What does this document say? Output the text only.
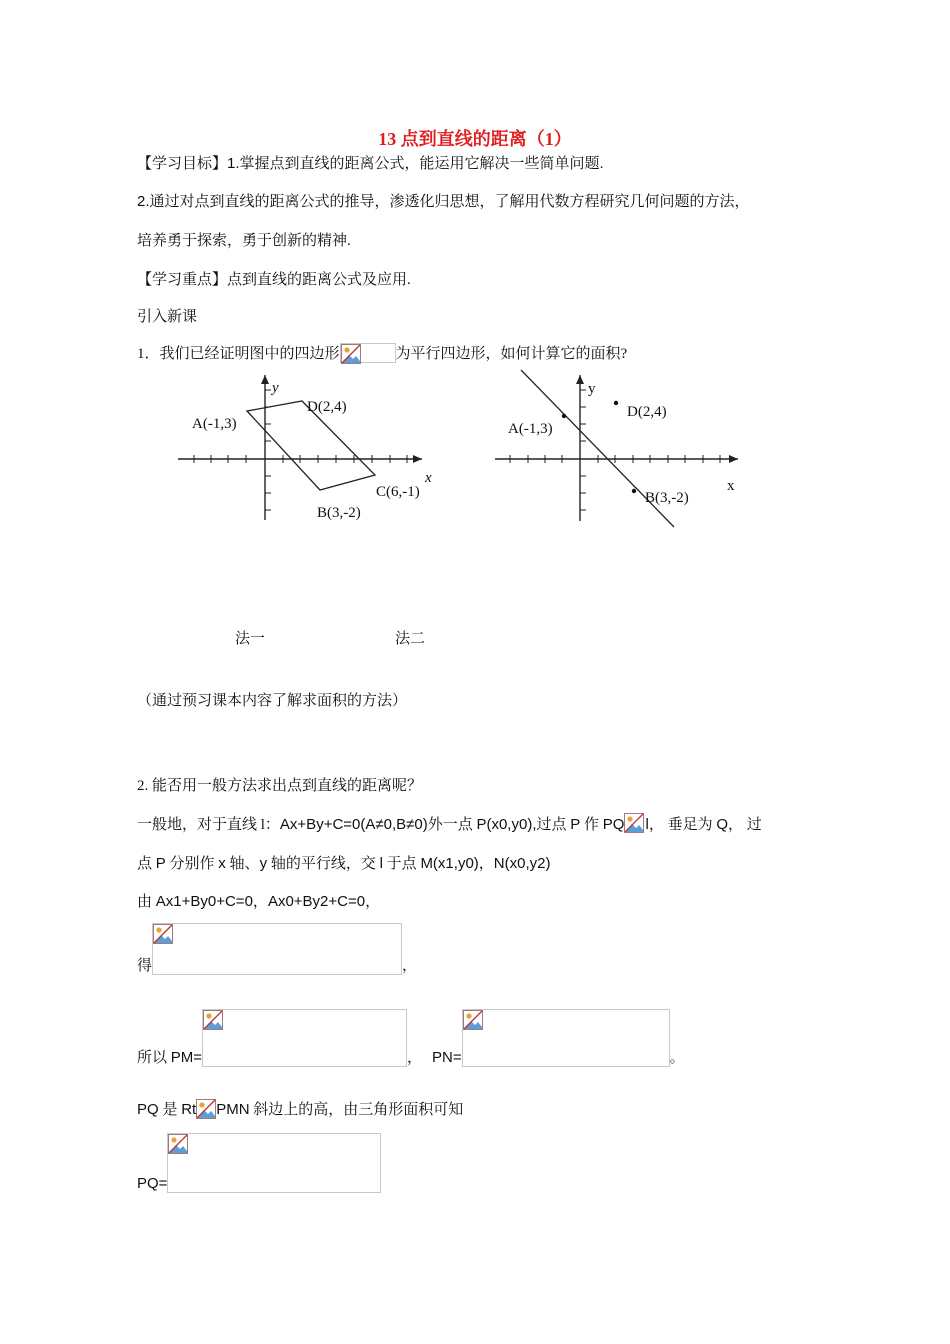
13 点到直线的距离（1）
【学习目标】1.掌握点到直线的距离公式，能运用它解决一些简单问题.
2.通过对点到直线的距离公式的推导，渗透化归思想，了解用代数方程研究几何问题的方法，
培养勇于探索，勇于创新的精神.
【学习重点】点到直线的距离公式及应用.
引入新课
1．我们已经证明图中的四边形	为平行四边形，如何计算它的面积?
y
x
A(-1,3)
D(2,4)
C(6,-1)
B(3,-2)
y
x
A(-1,3)
D(2,4)
B(3,-2)
法一	法二
（通过预习课本内容了解求面积的方法）
2. 能否用一般方法求出点到直线的距离呢？
一般地，对于直线 l：Ax+By+C=0(A≠0,B≠0)外一点 P(x0,y0),过点 P 作 PQ l， 垂足为 Q， 过
点 P 分别作 x 轴、y 轴的平行线，交 l 于点 M(x1,y0)，N(x0,y2)
由 Ax1+By0+C=0，Ax0+By2+C=0，
得	，
所以 PM=	， PN=	。
PQ 是 Rt PMN 斜边上的高，由三角形面积可知
PQ=
